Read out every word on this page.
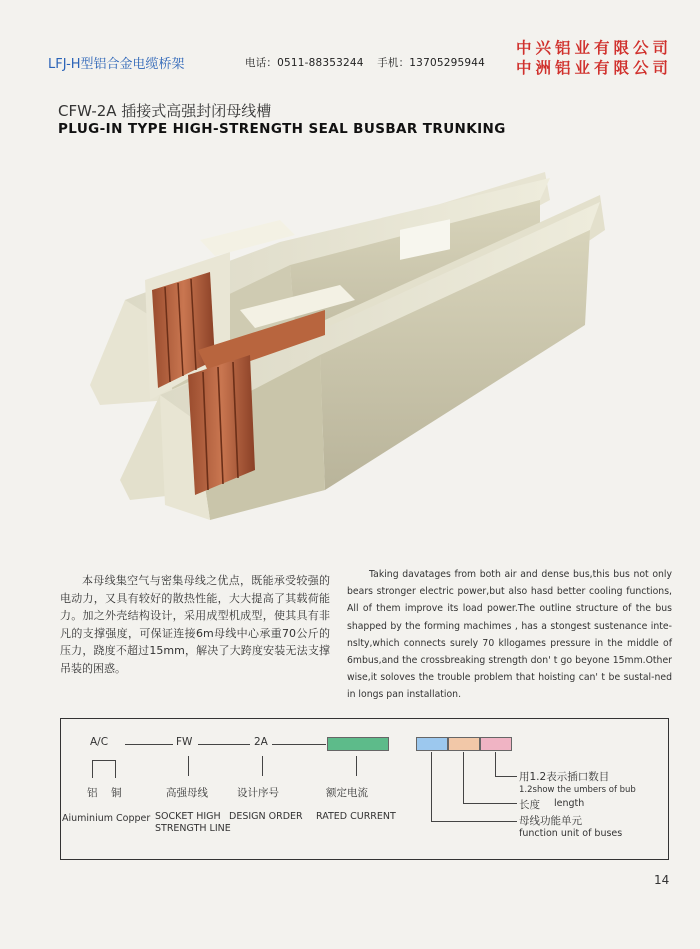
LFJ-H型铝合金电缆桥架	电话：0511-88353244 手机：13705295944
中兴铝业有限公司
中洲铝业有限公司
CFW-2A 插接式高强封闭母线槽
PLUG-IN TYPE HIGH-STRENGTH SEAL BUSBAR TRUNKING
本母线集空气与密集母线之优点，既能承受较强的电动力，又具有较好的散热性能，大大提高了其载荷能力。加之外壳结构设计，采用成型机成型，使其具有非凡的支撑强度，可保证连接6m母线中心承重70公斤的压力，跷度不超过15mm，解决了大跨度安装无法支撑吊装的困惑。
Taking davatages from both air and dense bus,this bus not only bears stronger electric power,but also hasd better cooling functions, All of them improve its load power.The outline structure of the bus shapped by the forming machimes , has a stongest sustenance inte-nslty,which connects surely 70 kllogames pressure in the middle of 6mbus,and the crossbreaking strength don' t go beyone 15mm.Other wise,it soloves the trouble problem that hoisting can' t be sustal-ned in longs pan installation.
A/C	FW	2A
铝 铜
Aiuminium Copper
高强母线
SOCKET HIGH
STRENGTH LINE
设计序号
DESIGN ORDER
额定电流
RATED CURRENT
用1.2表示插口数目
1.2show the umbers of bub
长度 length
母线功能单元
function unit of buses
14
